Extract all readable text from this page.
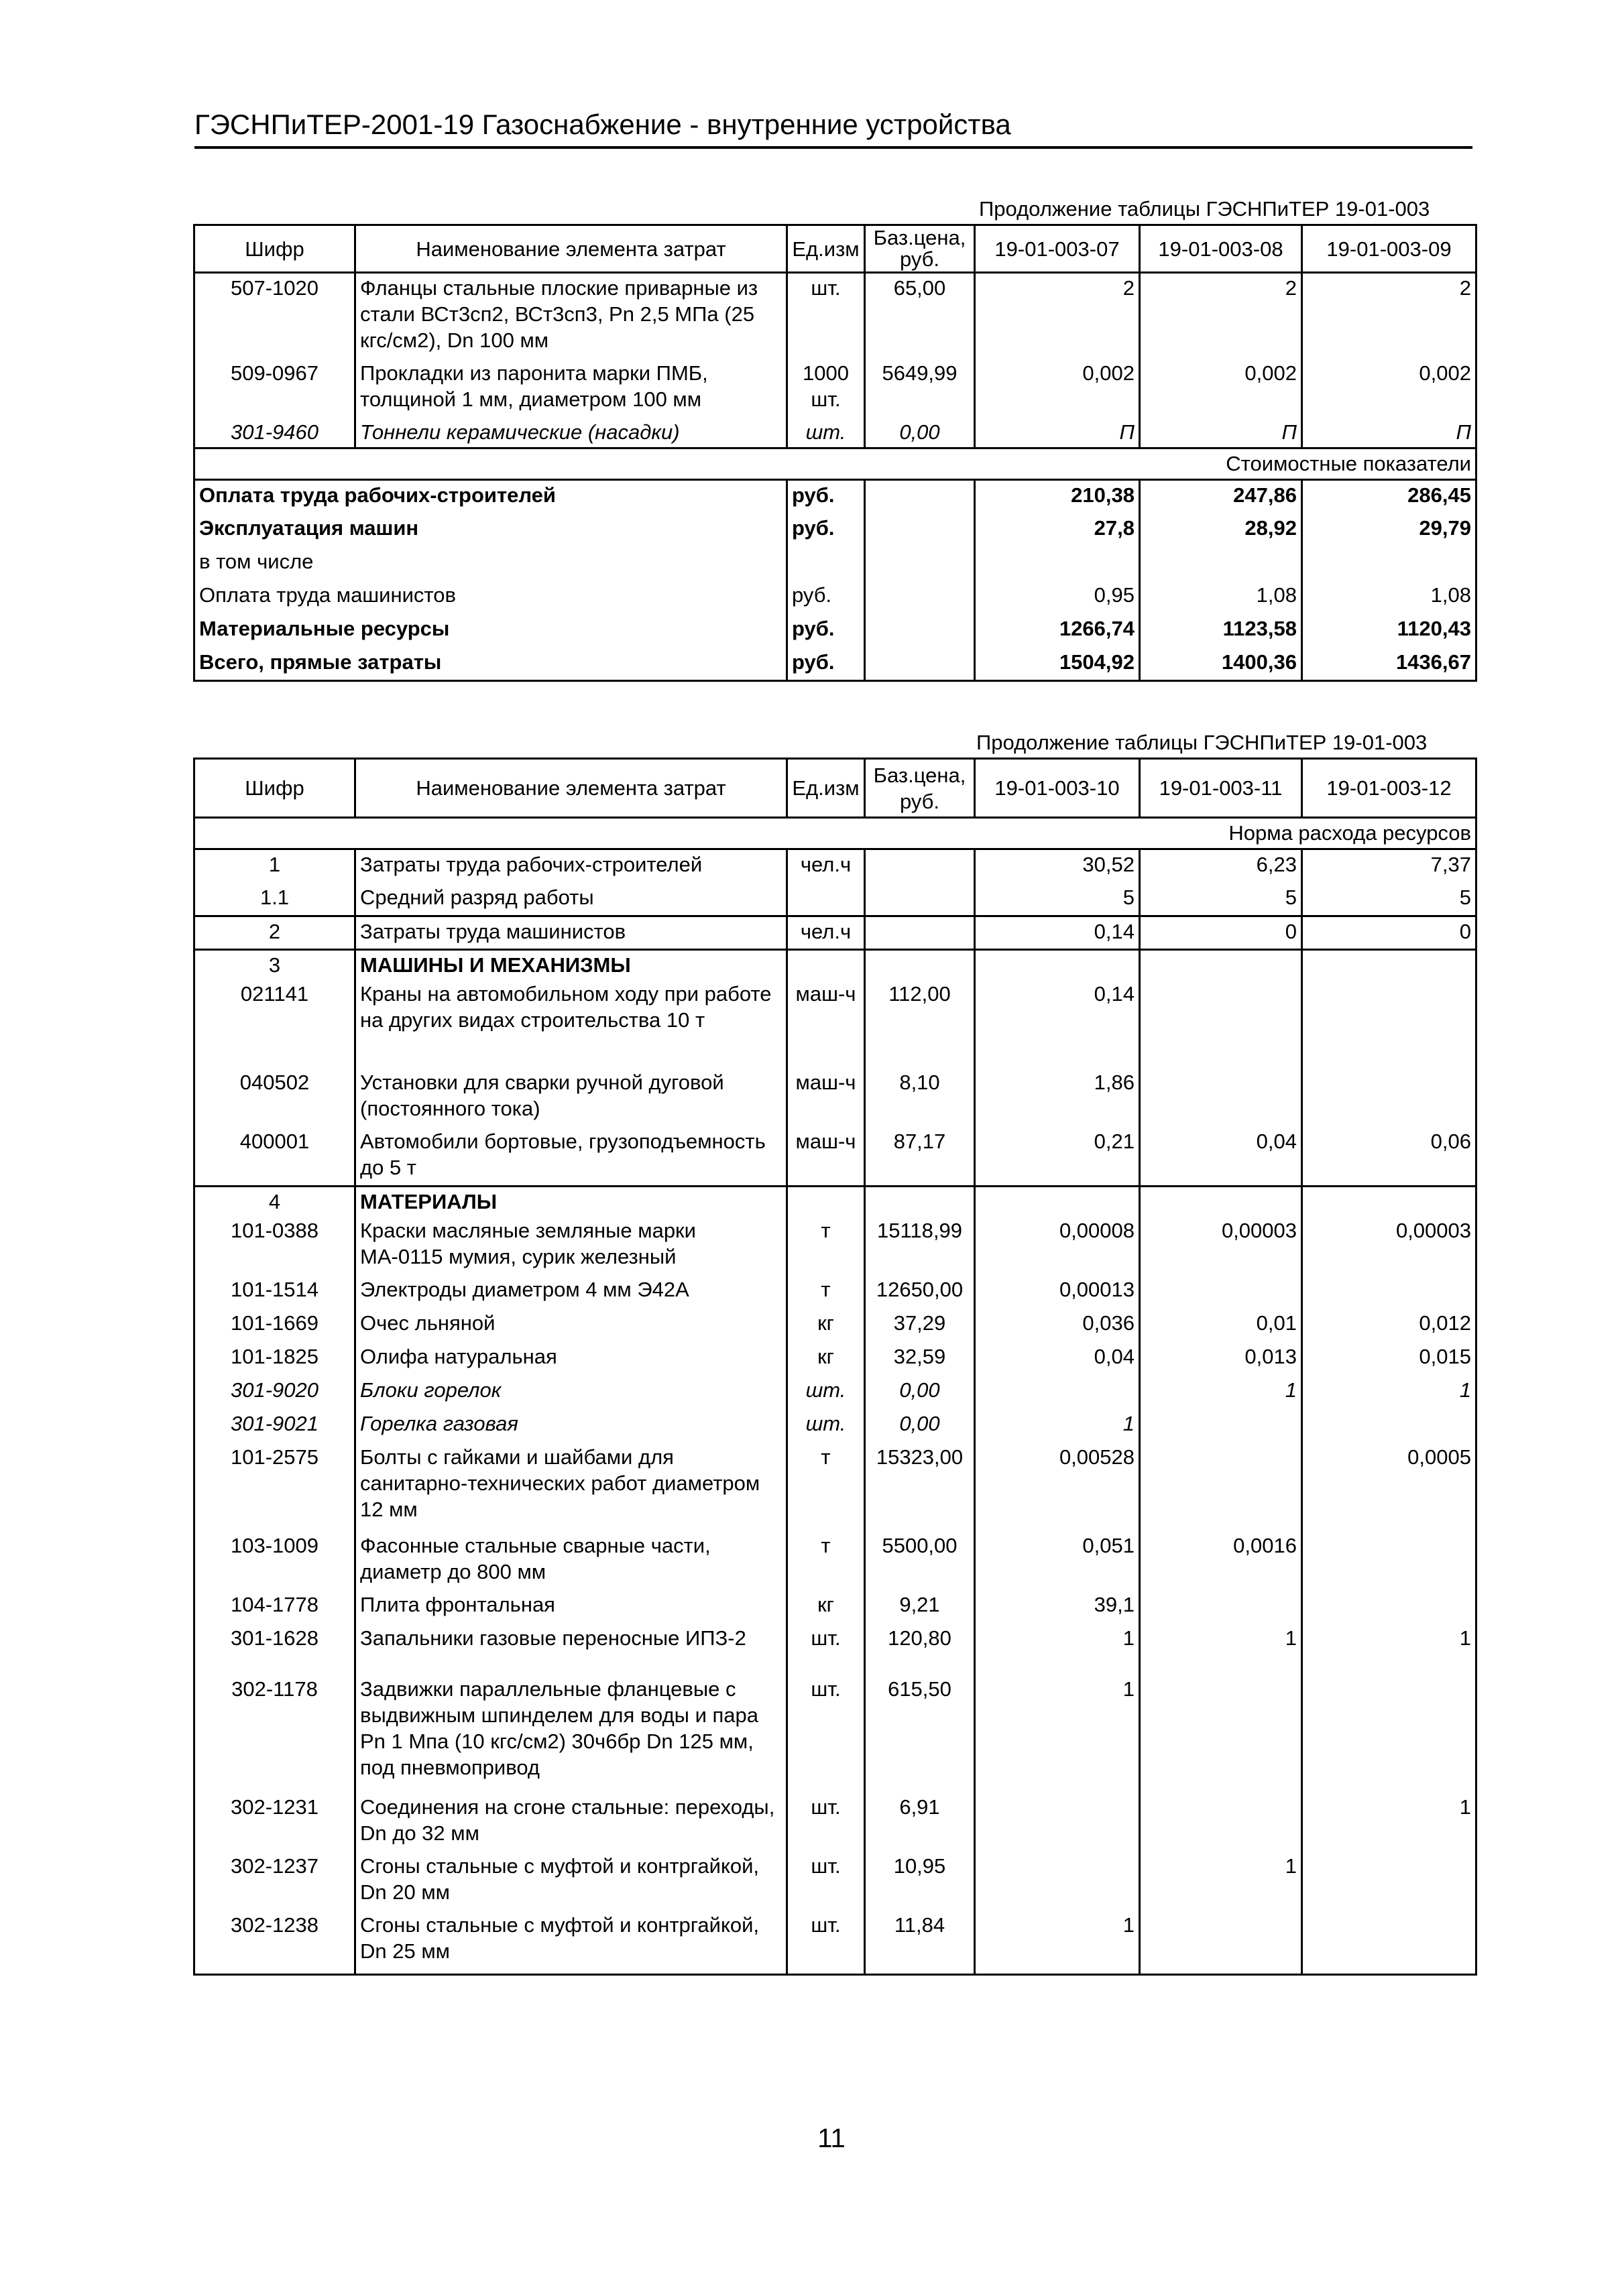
ГЭСНПиТЕР-2001-19 Газоснабжение - внутренние устройства
Продолжение таблицы ГЭСНПиТЕР 19-01-003
Шифр	Наименование элемента затрат	Ед.изм	Баз.цена, руб.	19-01-003-07	19-01-003-08	19-01-003-09
507-1020	Фланцы стальные плоские приварные из стали ВСт3сп2, ВСт3сп3, Рn 2,5 МПа (25 кгс/см2), Dn 100 мм	шт.	65,00	2	2	2
509-0967	Прокладки из паронита марки ПМБ, толщиной 1 мм, диаметром 100 мм	1000 шт.	5649,99	0,002	0,002	0,002
301-9460	Тоннели керамические (насадки)	шт.	0,00	П	П	П
Стоимостные показатели						
Оплата труда рабочих-строителей		руб.		210,38	247,86	286,45
Эксплуатация машин		руб.		27,8	28,92	29,79
в том числе						
Оплата труда машинистов		руб.		0,95	1,08	1,08
Материальные ресурсы		руб.		1266,74	1123,58	1120,43
Всего, прямые затраты		руб.		1504,92	1400,36	1436,67
Продолжение таблицы ГЭСНПиТЕР 19-01-003
Шифр	Наименование элемента затрат	Ед.изм	Баз.цена, руб.	19-01-003-10	19-01-003-11	19-01-003-12
Норма расхода ресурсов						
1	Затраты труда рабочих-строителей	чел.ч		30,52	6,23	7,37
1.1	Средний разряд работы			5	5	5
2	Затраты труда машинистов	чел.ч		0,14	0	0
3	МАШИНЫ И МЕХАНИЗМЫ					
021141	Краны на автомобильном ходу при работе на других видах строительства 10 т	маш-ч	112,00	0,14		
040502	Установки для сварки ручной дуговой (постоянного тока)	маш-ч	8,10	1,86		
400001	Автомобили бортовые, грузоподъемность до 5 т	маш-ч	87,17	0,21	0,04	0,06
4	МАТЕРИАЛЫ					
101-0388	Краски масляные земляные марки МА-0115 мумия, сурик железный	т	15118,99	0,00008	0,00003	0,00003
101-1514	Электроды диаметром 4 мм Э42А	т	12650,00	0,00013		
101-1669	Очес льняной	кг	37,29	0,036	0,01	0,012
101-1825	Олифа натуральная	кг	32,59	0,04	0,013	0,015
301-9020	Блоки горелок	шт.	0,00		1	1
301-9021	Горелка газовая	шт.	0,00	1		
101-2575	Болты с гайками и шайбами для санитарно-технических работ диаметром 12 мм	т	15323,00	0,00528		0,0005
103-1009	Фасонные стальные сварные части, диаметр до 800 мм	т	5500,00	0,051	0,0016	
104-1778	Плита фронтальная	кг	9,21	39,1		
301-1628	Запальники газовые переносные ИПЗ-2	шт.	120,80	1	1	1
302-1178	Задвижки параллельные фланцевые с выдвижным шпинделем для воды и пара Рn 1 Мпа (10 кгс/см2) 30ч6бр Dn 125 мм, под пневмопривод	шт.	615,50	1		
302-1231	Соединения на сгоне стальные: переходы, Dn до 32 мм	шт.	6,91			1
302-1237	Сгоны стальные с муфтой и контргайкой, Dn 20 мм	шт.	10,95		1	
302-1238	Сгоны стальные с муфтой и контргайкой, Dn 25 мм	шт.	11,84	1		
11
